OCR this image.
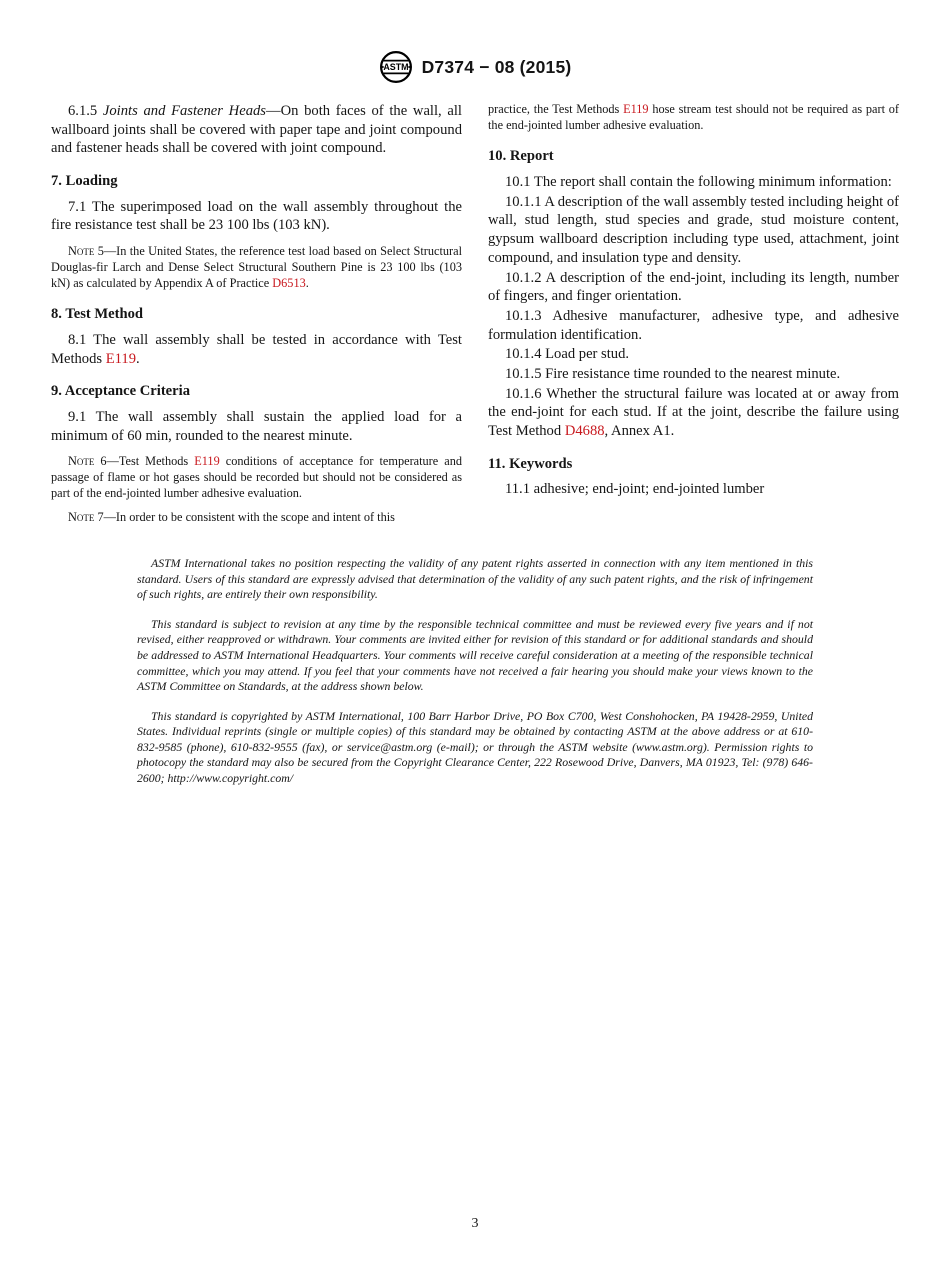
ASTM D7374 − 08 (2015)

6.1.5 Joints and Fastener Heads—On both faces of the wall, all wallboard joints shall be covered with paper tape and joint compound and fastener heads shall be covered with joint compound.

7. Loading

7.1 The superimposed load on the wall assembly throughout the fire resistance test shall be 23 100 lbs (103 kN).

Note 5—In the United States, the reference test load based on Select Structural Douglas-fir Larch and Dense Select Structural Southern Pine is 23 100 lbs (103 kN) as calculated by Appendix A of Practice D6513.

8. Test Method

8.1 The wall assembly shall be tested in accordance with Test Methods E119.

9. Acceptance Criteria

9.1 The wall assembly shall sustain the applied load for a minimum of 60 min, rounded to the nearest minute.

Note 6—Test Methods E119 conditions of acceptance for temperature and passage of flame or hot gases should be recorded but should not be considered as part of the end-jointed lumber adhesive evaluation.

Note 7—In order to be consistent with the scope and intent of this

practice, the Test Methods E119 hose stream test should not be required as part of the end-jointed lumber adhesive evaluation.

10. Report

10.1 The report shall contain the following minimum information:

10.1.1 A description of the wall assembly tested including height of wall, stud length, stud species and grade, stud moisture content, gypsum wallboard description including type used, attachment, joint compound, and insulation type and density.

10.1.2 A description of the end-joint, including its length, number of fingers, and finger orientation.

10.1.3 Adhesive manufacturer, adhesive type, and adhesive formulation identification.

10.1.4 Load per stud.

10.1.5 Fire resistance time rounded to the nearest minute.

10.1.6 Whether the structural failure was located at or away from the end-joint for each stud. If at the joint, describe the failure using Test Method D4688, Annex A1.

11. Keywords

11.1 adhesive; end-joint; end-jointed lumber

ASTM International takes no position respecting the validity of any patent rights asserted in connection with any item mentioned in this standard. Users of this standard are expressly advised that determination of the validity of any such patent rights, and the risk of infringement of such rights, are entirely their own responsibility.

This standard is subject to revision at any time by the responsible technical committee and must be reviewed every five years and if not revised, either reapproved or withdrawn. Your comments are invited either for revision of this standard or for additional standards and should be addressed to ASTM International Headquarters. Your comments will receive careful consideration at a meeting of the responsible technical committee, which you may attend. If you feel that your comments have not received a fair hearing you should make your views known to the ASTM Committee on Standards, at the address shown below.

This standard is copyrighted by ASTM International, 100 Barr Harbor Drive, PO Box C700, West Conshohocken, PA 19428-2959, United States. Individual reprints (single or multiple copies) of this standard may be obtained by contacting ASTM at the above address or at 610-832-9585 (phone), 610-832-9555 (fax), or service@astm.org (e-mail); or through the ASTM website (www.astm.org). Permission rights to photocopy the standard may also be secured from the Copyright Clearance Center, 222 Rosewood Drive, Danvers, MA 01923, Tel: (978) 646-2600; http://www.copyright.com/

3
